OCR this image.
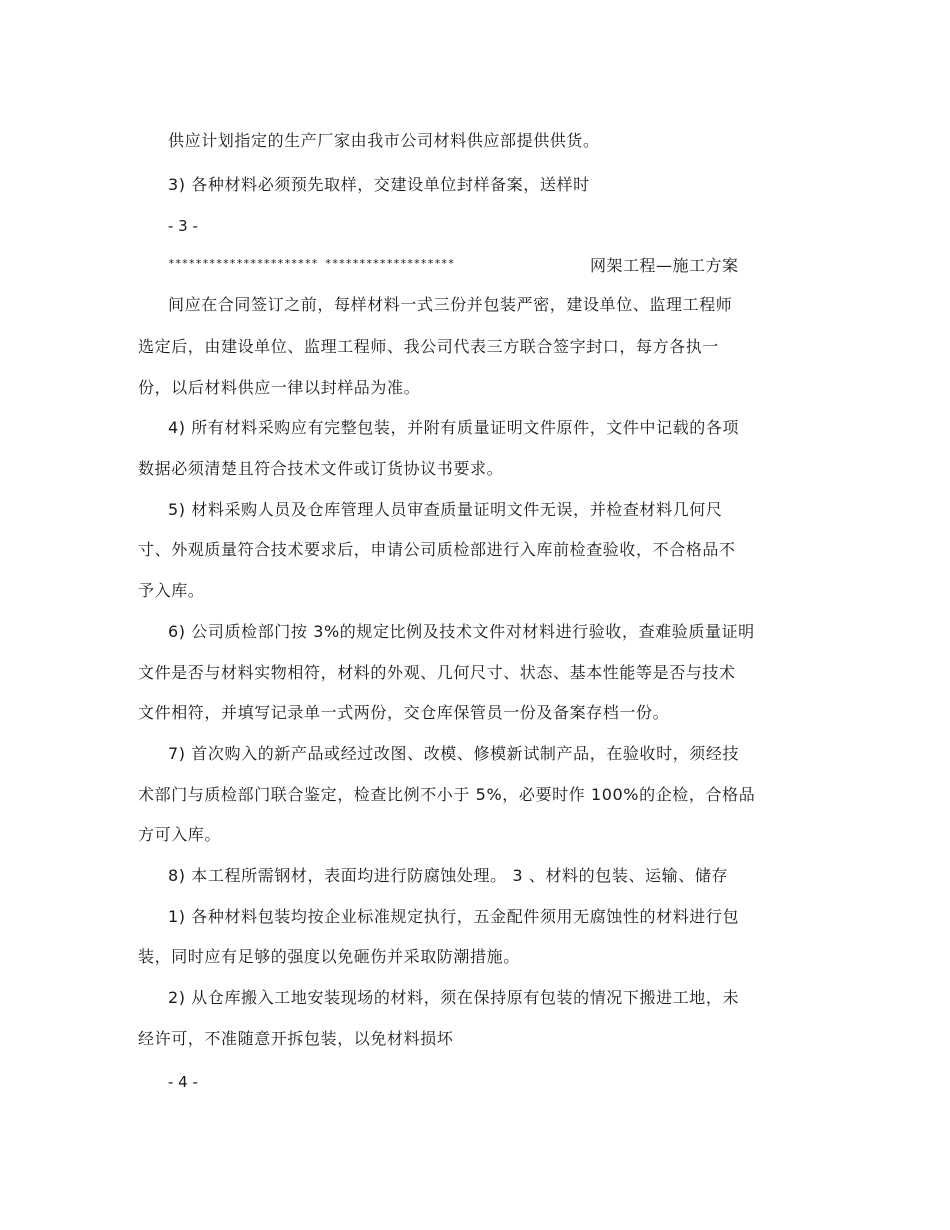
供应计划指定的生产厂家由我市公司材料供应部提供供货。
3) 各种材料必须预先取样，交建设单位封样备案，送样时
- 3 -
********************** *******************	网架工程—施工方案
间应在合同签订之前，每样材料一式三份并包装严密，建设单位、监理工程师
选定后，由建设单位、监理工程师、我公司代表三方联合签字封口，每方各执一
份，以后材料供应一律以封样品为准。
4) 所有材料采购应有完整包装，并附有质量证明文件原件，文件中记载的各项
数据必须清楚且符合技术文件或订货协议书要求。
5) 材料采购人员及仓库管理人员审查质量证明文件无误，并检查材料几何尺
寸、外观质量符合技术要求后，申请公司质检部进行入库前检查验收，不合格品不
予入库。
6) 公司质检部门按 3%的规定比例及技术文件对材料进行验收，查难验质量证明
文件是否与材料实物相符，材料的外观、几何尺寸、状态、基本性能等是否与技术
文件相符，并填写记录单一式两份，交仓库保管员一份及备案存档一份。
7) 首次购入的新产品或经过改图、改模、修模新试制产品，在验收时，须经技
术部门与质检部门联合鉴定，检查比例不小于 5%，必要时作 100%的企检，合格品
方可入库。
8) 本工程所需钢材，表面均进行防腐蚀处理。 3 、材料的包装、运输、储存
1) 各种材料包装均按企业标准规定执行，五金配件须用无腐蚀性的材料进行包
装，同时应有足够的强度以免砸伤并采取防潮措施。
2) 从仓库搬入工地安装现场的材料，须在保持原有包装的情况下搬进工地，未
经许可，不准随意开拆包装，以免材料损坏
- 4 -
